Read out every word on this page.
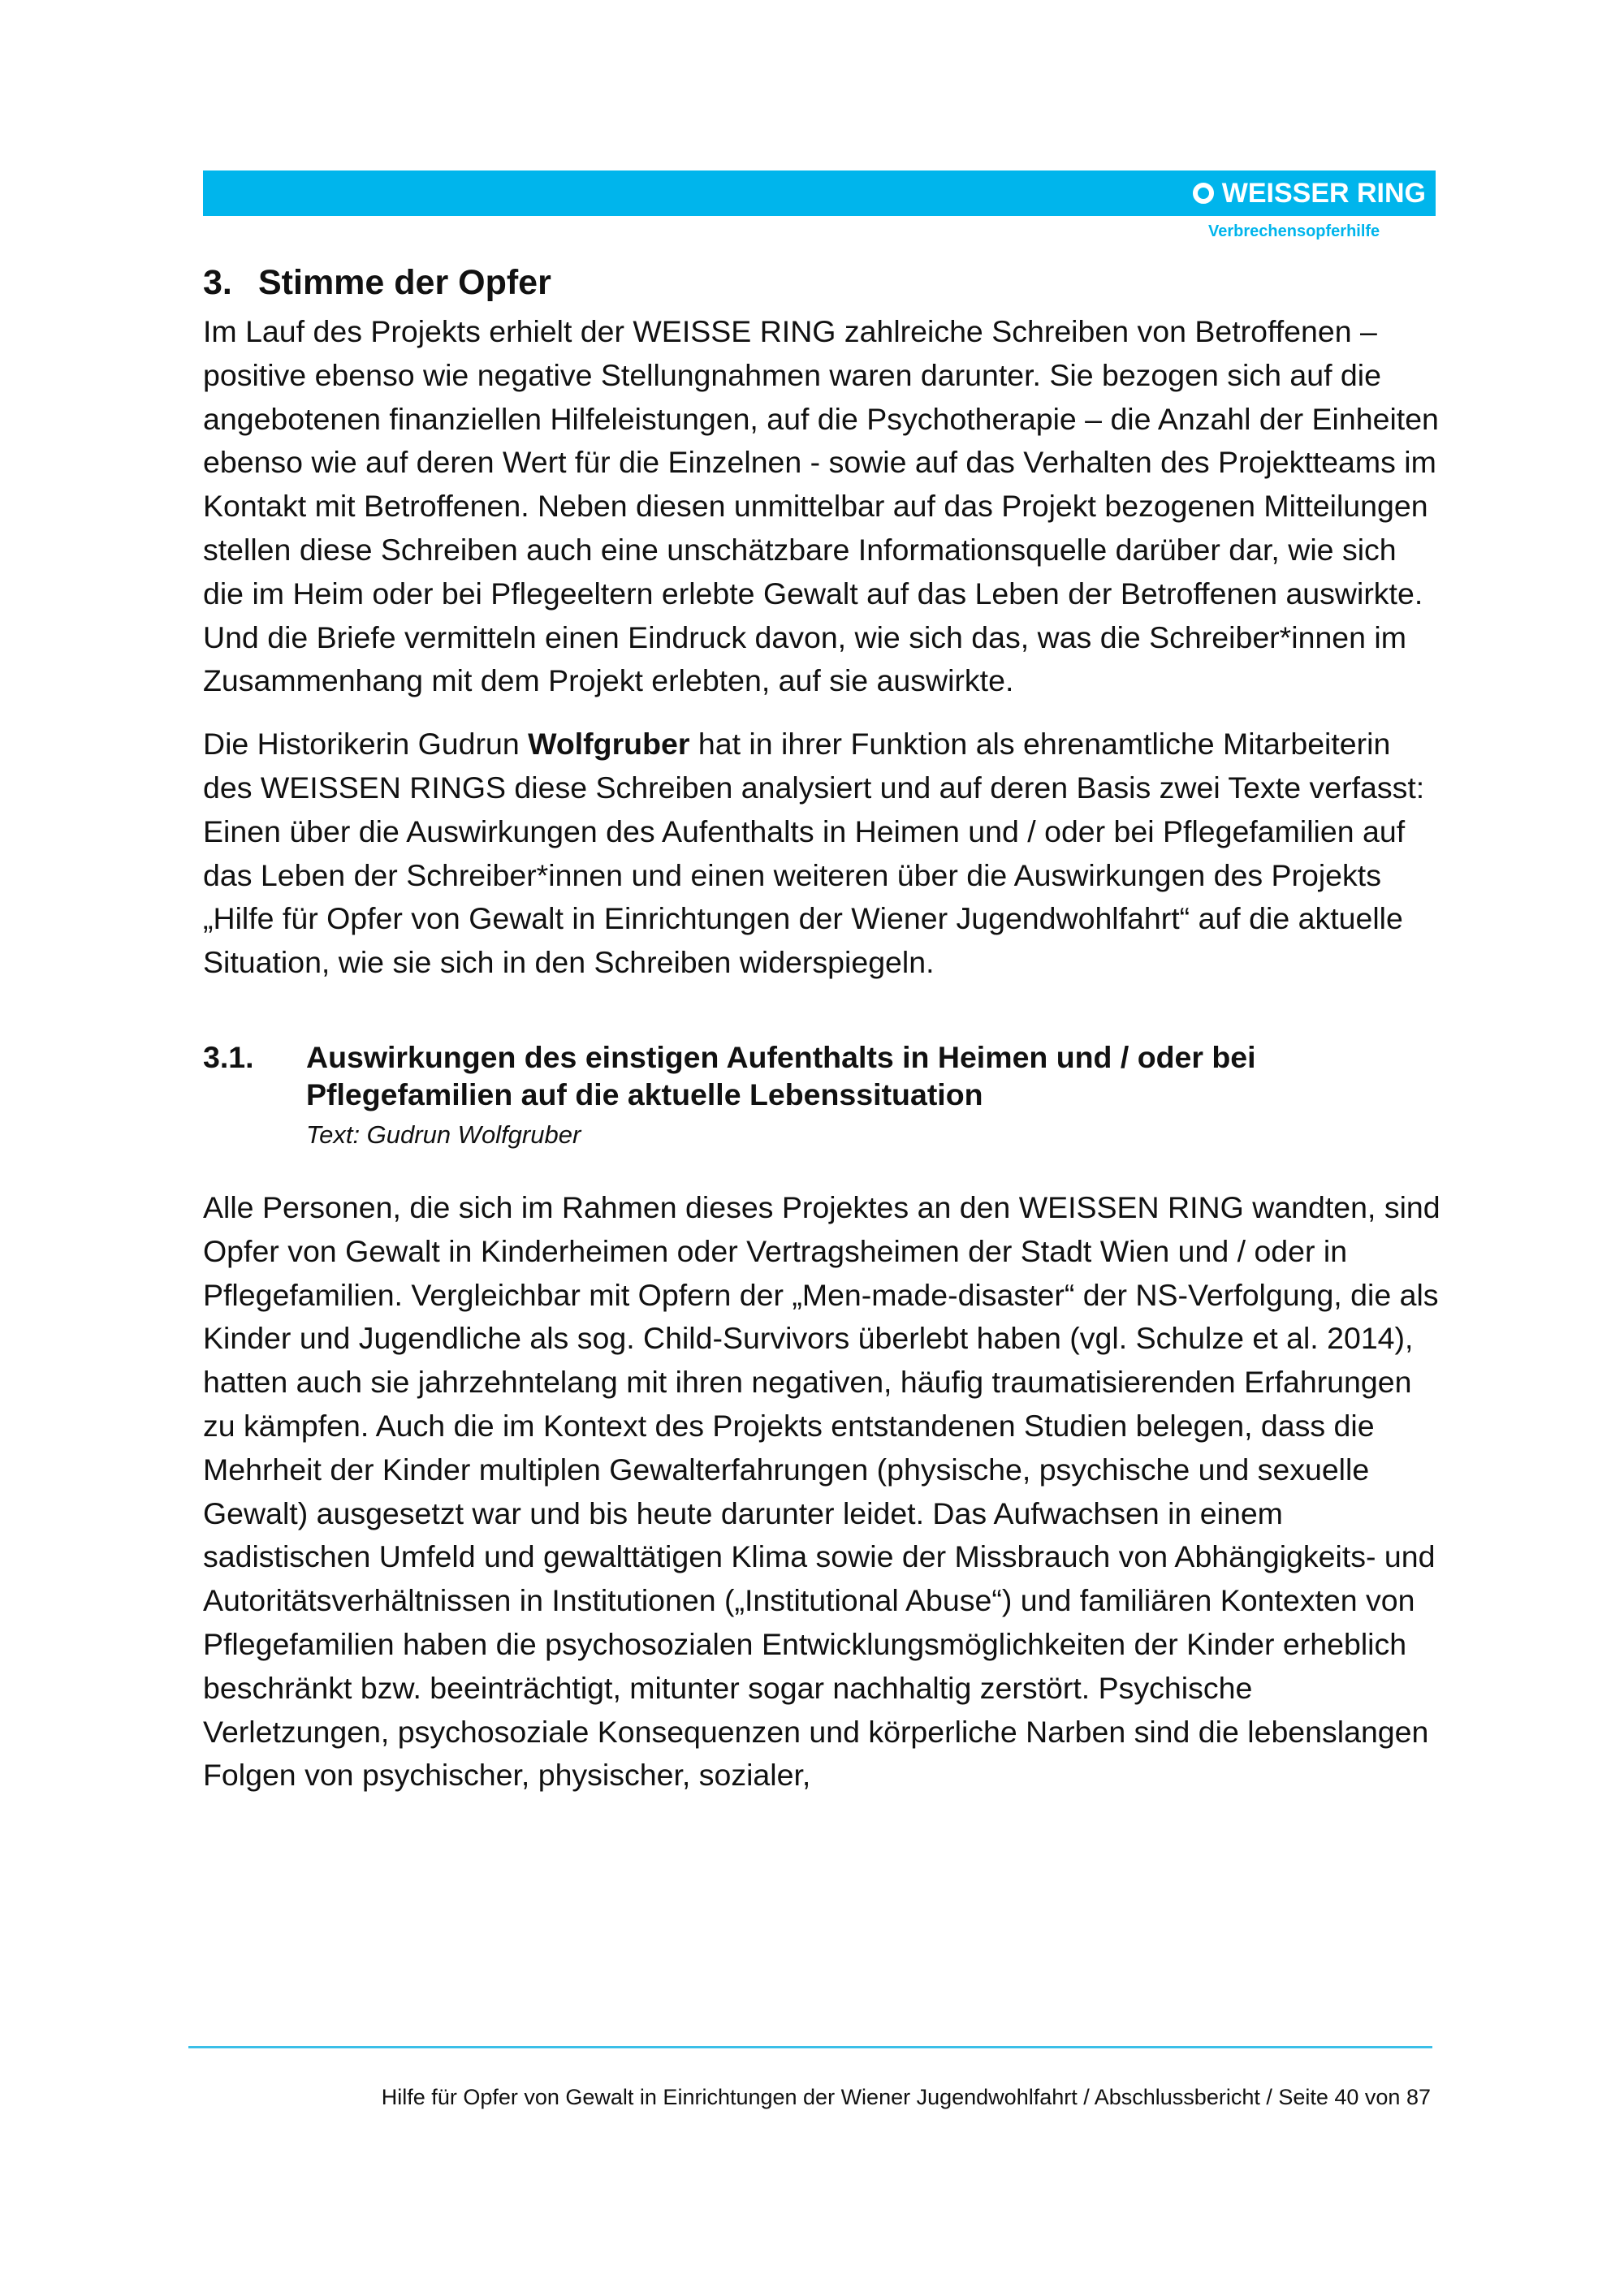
WEISSER RING
Verbrechensopferhilfe
3. Stimme der Opfer

Im Lauf des Projekts erhielt der WEISSE RING zahlreiche Schreiben von Betroffenen – positive ebenso wie negative Stellungnahmen waren darunter. Sie bezogen sich auf die angebotenen finanziellen Hilfeleistungen, auf die Psychotherapie – die Anzahl der Einheiten ebenso wie auf deren Wert für die Einzelnen - sowie auf das Verhalten des Projektteams im Kontakt mit Betroffenen. Neben diesen unmittelbar auf das Projekt bezogenen Mitteilungen stellen diese Schreiben auch eine unschätzbare Informationsquelle darüber dar, wie sich die im Heim oder bei Pflegeeltern erlebte Gewalt auf das Leben der Betroffenen auswirkte. Und die Briefe vermitteln einen Eindruck davon, wie sich das, was die Schreiber*innen im Zusammenhang mit dem Projekt erlebten, auf sie auswirkte.

Die Historikerin Gudrun Wolfgruber hat in ihrer Funktion als ehrenamtliche Mitarbeiterin des WEISSEN RINGS diese Schreiben analysiert und auf deren Basis zwei Texte verfasst: Einen über die Auswirkungen des Aufenthalts in Heimen und / oder bei Pflegefamilien auf das Leben der Schreiber*innen und einen weiteren über die Auswirkungen des Projekts „Hilfe für Opfer von Gewalt in Einrichtungen der Wiener Jugendwohlfahrt“ auf die aktuelle Situation, wie sie sich in den Schreiben widerspiegeln.

3.1.	Auswirkungen des einstigen Aufenthalts in Heimen und / oder bei Pflegefamilien auf die aktuelle Lebenssituation

Text: Gudrun Wolfgruber

Alle Personen, die sich im Rahmen dieses Projektes an den WEISSEN RING wandten, sind Opfer von Gewalt in Kinderheimen oder Vertragsheimen der Stadt Wien und / oder in Pflegefamilien. Vergleichbar mit Opfern der „Men-made-disaster“ der NS-Verfolgung, die als Kinder und Jugendliche als sog. Child-Survivors überlebt haben (vgl. Schulze et al. 2014), hatten auch sie jahrzehntelang mit ihren negativen, häufig traumatisierenden Erfahrungen zu kämpfen. Auch die im Kontext des Projekts entstandenen Studien belegen, dass die Mehrheit der Kinder multiplen Gewalterfahrungen (physische, psychische und sexuelle Gewalt) ausgesetzt war und bis heute darunter leidet. Das Aufwachsen in einem sadistischen Umfeld und gewalttätigen Klima sowie der Missbrauch von Abhängigkeits- und Autoritätsverhältnissen in Institutionen („Institutional Abuse“) und familiären Kontexten von Pflegefamilien haben die psychosozialen Entwicklungsmöglichkeiten der Kinder erheblich beschränkt bzw. beeinträchtigt, mitunter sogar nachhaltig zerstört. Psychische Verletzungen, psychosoziale Konsequenzen und körperliche Narben sind die lebenslangen Folgen von psychischer, physischer, sozialer,

Hilfe für Opfer von Gewalt in Einrichtungen der Wiener Jugendwohlfahrt / Abschlussbericht / Seite 40 von 87
